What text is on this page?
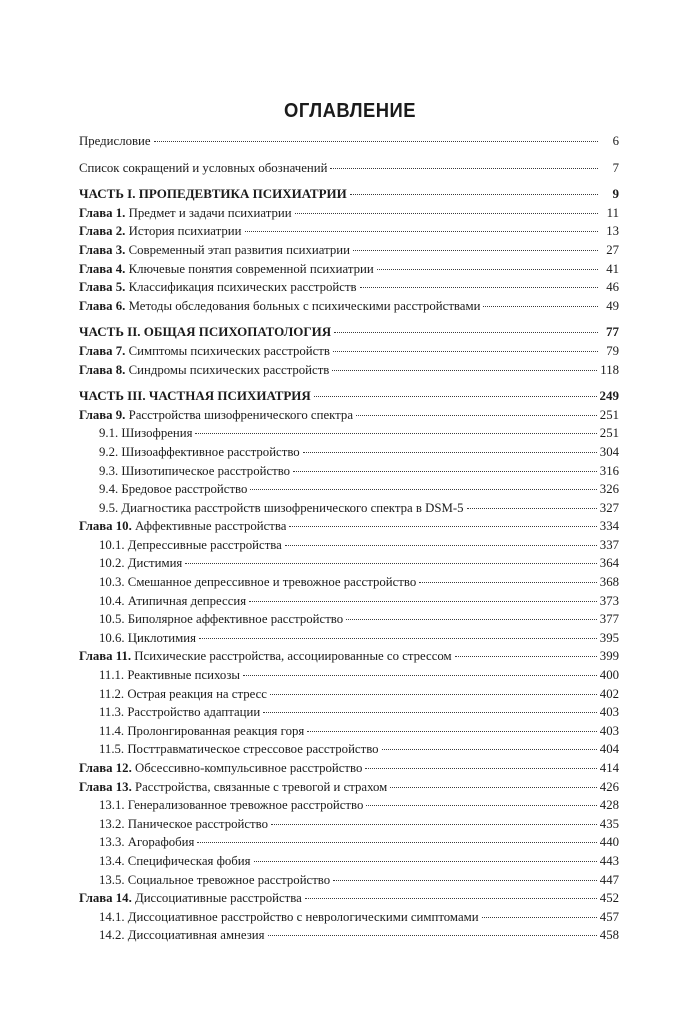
ОГЛАВЛЕНИЕ
Предисловие	6
Список сокращений и условных обозначений	7
ЧАСТЬ I. ПРОПЕДЕВТИКА ПСИХИАТРИИ	9
Глава 1. Предмет и задачи психиатрии	11
Глава 2. История психиатрии	13
Глава 3. Современный этап развития психиатрии	27
Глава 4. Ключевые понятия современной психиатрии	41
Глава 5. Классификация психических расстройств	46
Глава 6. Методы обследования больных с психическими расстройствами	49
ЧАСТЬ II. ОБЩАЯ ПСИХОПАТОЛОГИЯ	77
Глава 7. Симптомы психических расстройств	79
Глава 8. Синдромы психических расстройств	118
ЧАСТЬ III. ЧАСТНАЯ ПСИХИАТРИЯ	249
Глава 9. Расстройства шизофренического спектра	251
9.1. Шизофрения	251
9.2. Шизоаффективное расстройство	304
9.3. Шизотипическое расстройство	316
9.4. Бредовое расстройство	326
9.5. Диагностика расстройств шизофренического спектра в DSM-5	327
Глава 10. Аффективные расстройства	334
10.1. Депрессивные расстройства	337
10.2. Дистимия	364
10.3. Смешанное депрессивное и тревожное расстройство	368
10.4. Атипичная депрессия	373
10.5. Биполярное аффективное расстройство	377
10.6. Циклотимия	395
Глава 11. Психические расстройства, ассоциированные со стрессом	399
11.1. Реактивные психозы	400
11.2. Острая реакция на стресс	402
11.3. Расстройство адаптации	403
11.4. Пролонгированная реакция горя	403
11.5. Посттравматическое стрессовое расстройство	404
Глава 12. Обсессивно-компульсивное расстройство	414
Глава 13. Расстройства, связанные с тревогой и страхом	426
13.1. Генерализованное тревожное расстройство	428
13.2. Паническое расстройство	435
13.3. Агорафобия	440
13.4. Специфическая фобия	443
13.5. Социальное тревожное расстройство	447
Глава 14. Диссоциативные расстройства	452
14.1. Диссоциативное расстройство с неврологическими симптомами	457
14.2. Диссоциативная амнезия	458
